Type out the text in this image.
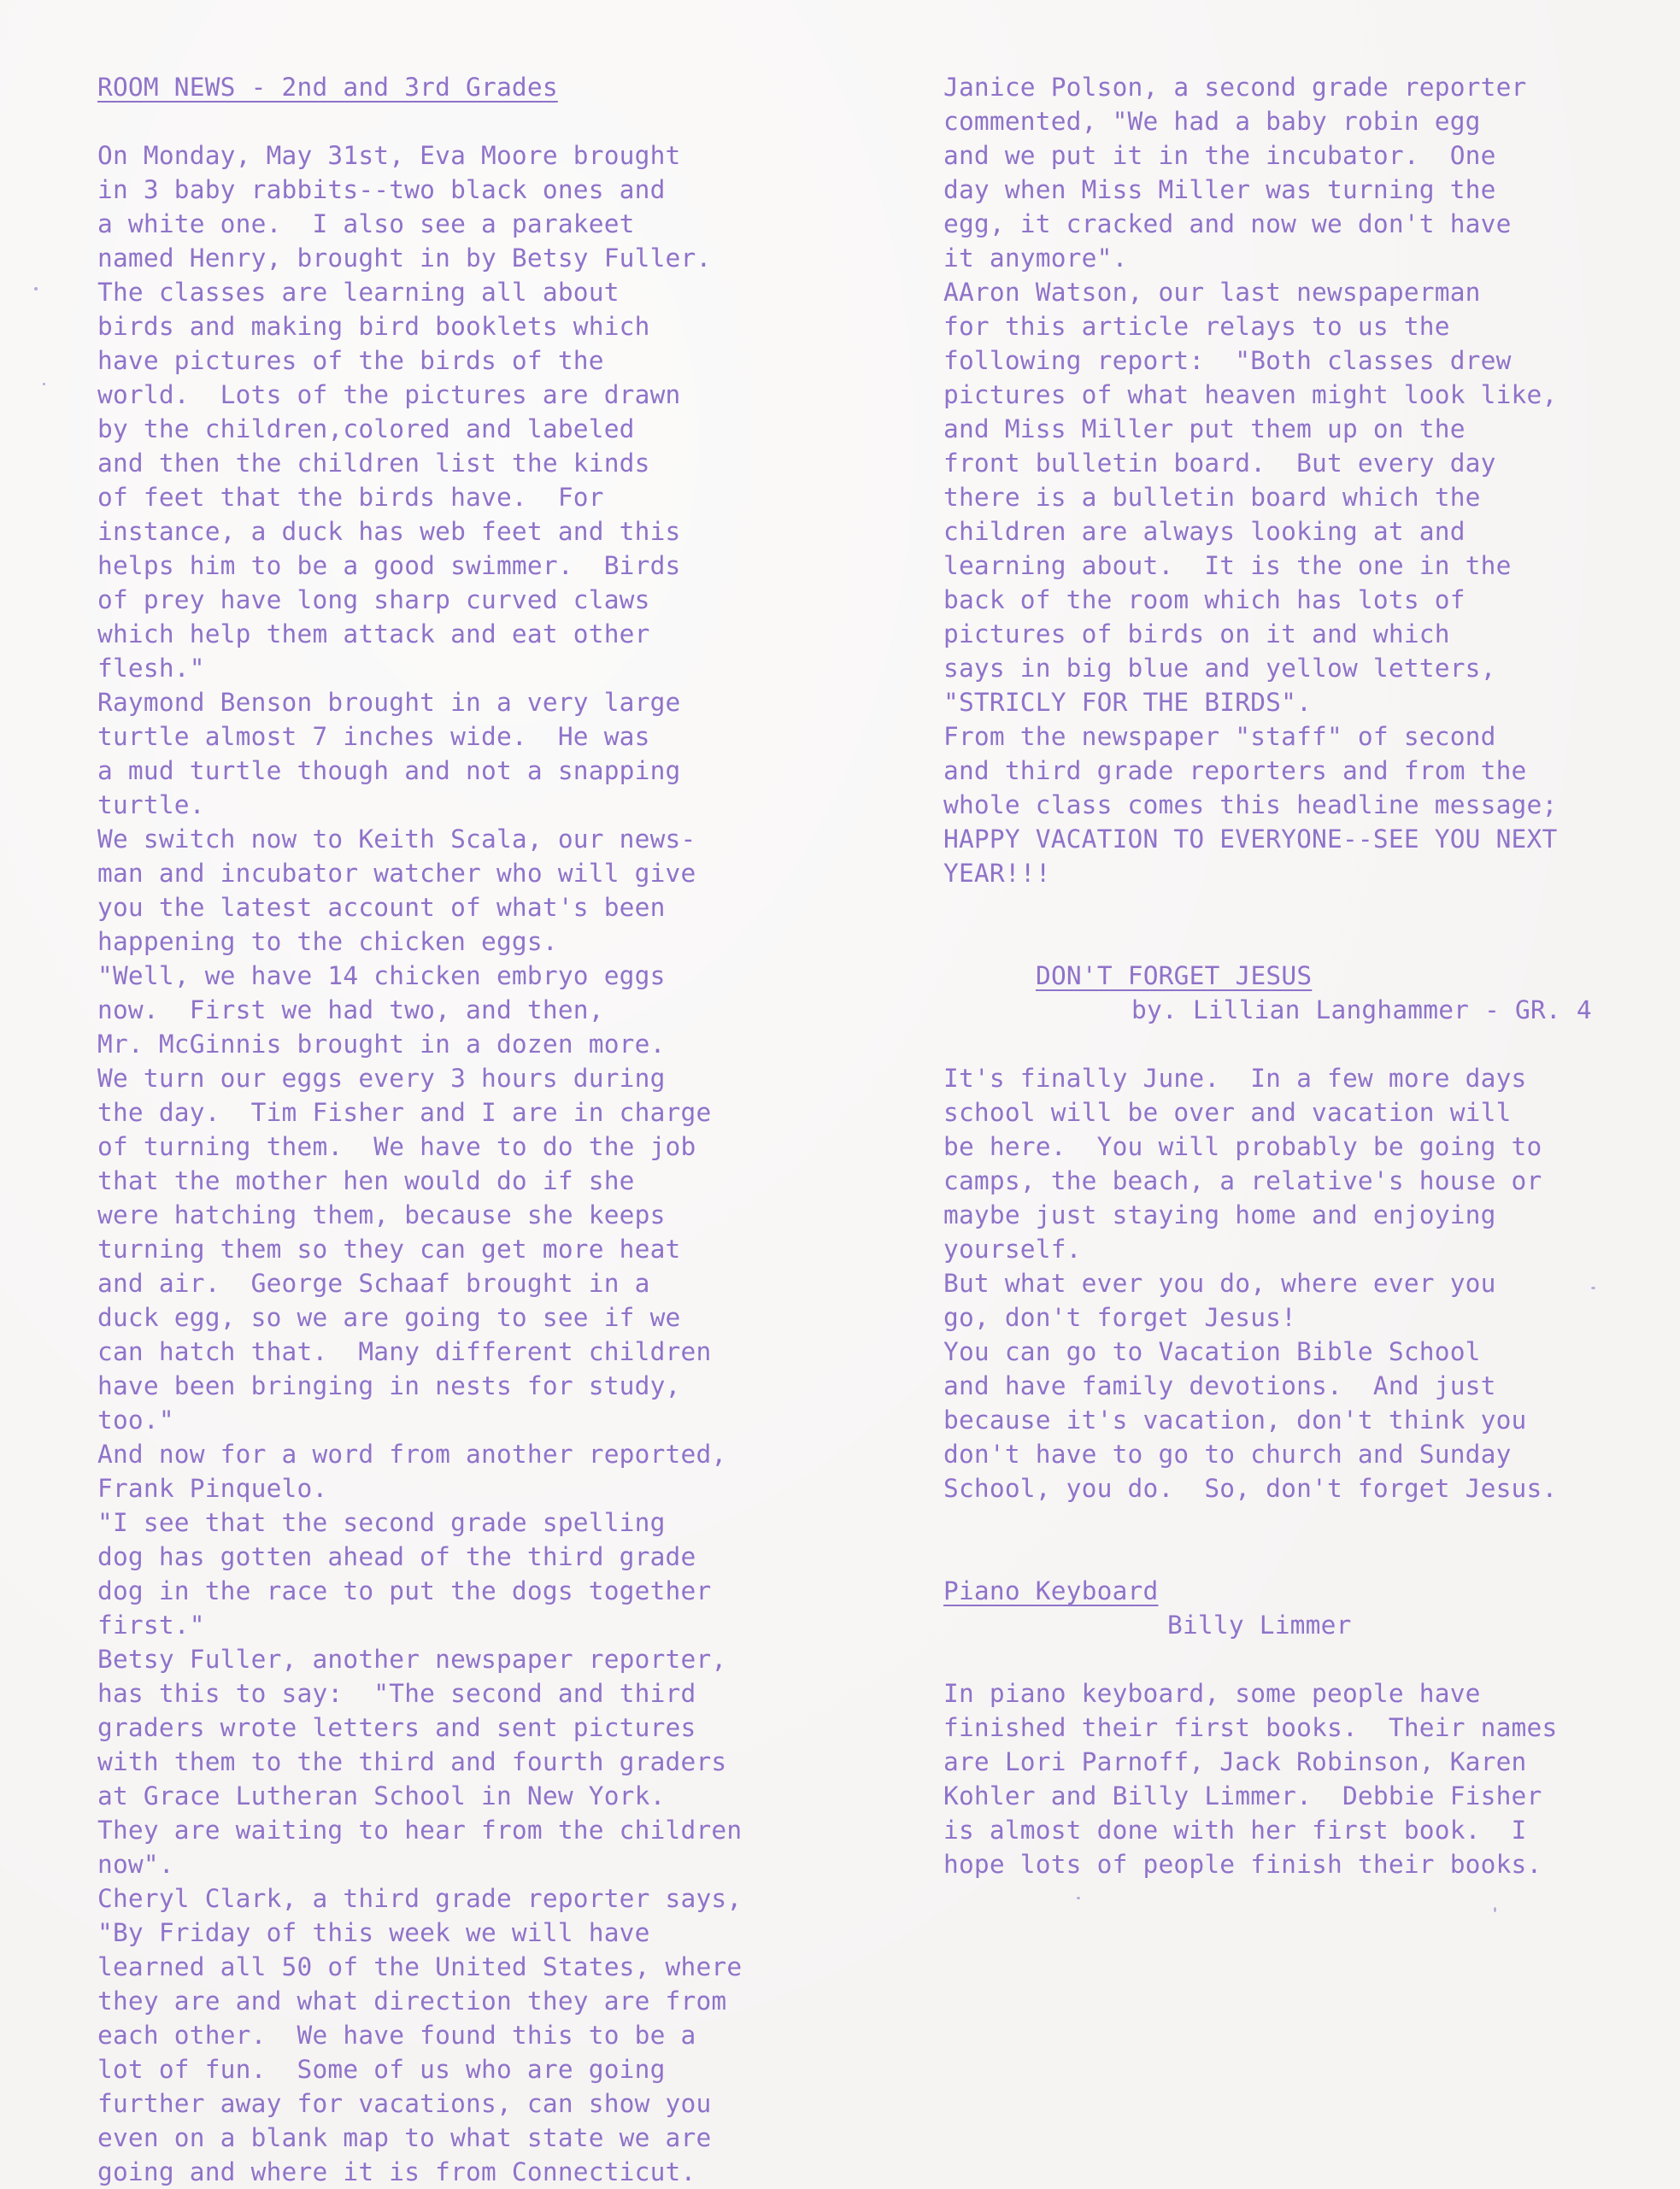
ROOM NEWS - 2nd and 3rd Grades
On Monday, May 31st, Eva Moore brought
in 3 baby rabbits--two black ones and
a white one.  I also see a parakeet
named Henry, brought in by Betsy Fuller.
The classes are learning all about
birds and making bird booklets which
have pictures of the birds of the
world.  Lots of the pictures are drawn
by the children,colored and labeled
and then the children list the kinds
of feet that the birds have.  For
instance, a duck has web feet and this
helps him to be a good swimmer.  Birds
of prey have long sharp curved claws
which help them attack and eat other
flesh."
Raymond Benson brought in a very large
turtle almost 7 inches wide.  He was
a mud turtle though and not a snapping
turtle.
We switch now to Keith Scala, our news-
man and incubator watcher who will give
you the latest account of what's been
happening to the chicken eggs.
"Well, we have 14 chicken embryo eggs
now.  First we had two, and then,
Mr. McGinnis brought in a dozen more.
We turn our eggs every 3 hours during
the day.  Tim Fisher and I are in charge
of turning them.  We have to do the job
that the mother hen would do if she
were hatching them, because she keeps
turning them so they can get more heat
and air.  George Schaaf brought in a
duck egg, so we are going to see if we
can hatch that.  Many different children
have been bringing in nests for study,
too."
And now for a word from another reported,
Frank Pinquelo.
"I see that the second grade spelling
dog has gotten ahead of the third grade
dog in the race to put the dogs together
first."
Betsy Fuller, another newspaper reporter,
has this to say:  "The second and third
graders wrote letters and sent pictures
with them to the third and fourth graders
at Grace Lutheran School in New York.
They are waiting to hear from the children
now".
Cheryl Clark, a third grade reporter says,
"By Friday of this week we will have
learned all 50 of the United States, where
they are and what direction they are from
each other.  We have found this to be a
lot of fun.  Some of us who are going
further away for vacations, can show you
even on a blank map to what state we are
going and where it is from Connecticut.
Janice Polson, a second grade reporter
commented, "We had a baby robin egg
and we put it in the incubator.  One
day when Miss Miller was turning the
egg, it cracked and now we don't have
it anymore".
AAron Watson, our last newspaperman
for this article relays to us the
following report:  "Both classes drew
pictures of what heaven might look like,
and Miss Miller put them up on the
front bulletin board.  But every day
there is a bulletin board which the
children are always looking at and
learning about.  It is the one in the
back of the room which has lots of
pictures of birds on it and which
says in big blue and yellow letters,
"STRICLY FOR THE BIRDS".
From the newspaper "staff" of second
and third grade reporters and from the
whole class comes this headline message;
HAPPY VACATION TO EVERYONE--SEE YOU NEXT
YEAR!!!
DON'T FORGET JESUS
by. Lillian Langhammer - GR. 4
It's finally June.  In a few more days
school will be over and vacation will
be here.  You will probably be going to
camps, the beach, a relative's house or
maybe just staying home and enjoying
yourself.
But what ever you do, where ever you
go, don't forget Jesus!
You can go to Vacation Bible School
and have family devotions.  And just
because it's vacation, don't think you
don't have to go to church and Sunday
School, you do.  So, don't forget Jesus.
Piano Keyboard
Billy Limmer
In piano keyboard, some people have
finished their first books.  Their names
are Lori Parnoff, Jack Robinson, Karen
Kohler and Billy Limmer.  Debbie Fisher
is almost done with her first book.  I
hope lots of people finish their books.
